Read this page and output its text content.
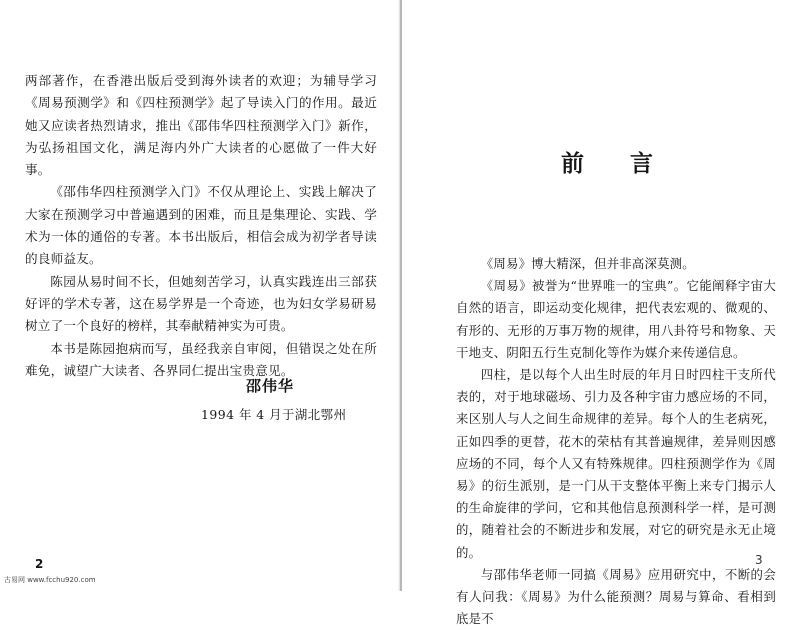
两部著作，在香港出版后受到海外读者的欢迎；为辅导学习《周易预测学》和《四柱预测学》起了导读入门的作用。最近她又应读者热烈请求，推出《邵伟华四柱预测学入门》新作，为弘扬祖国文化，满足海内外广大读者的心愿做了一件大好事。

《邵伟华四柱预测学入门》不仅从理论上、实践上解决了大家在预测学习中普遍遇到的困难，而且是集理论、实践、学术为一体的通俗的专著。本书出版后，相信会成为初学者导读的良师益友。

陈园从易时间不长，但她刻苦学习，认真实践连出三部获好评的学术专著，这在易学界是一个奇迹，也为妇女学易研易树立了一个良好的榜样，其奉献精神实为可贵。

本书是陈园抱病而写，虽经我亲自审阅，但错误之处在所难免，诚望广大读者、各界同仁提出宝贵意见。

邵伟华
1994 年 4 月于湖北鄂州
2
古易网 www.fcchu920.com
前言

《周易》博大精深，但并非高深莫测。

《周易》被誉为“世界唯一的宝典”。它能阐释宇宙大自然的语言，即运动变化规律，把代表宏观的、微观的、有形的、无形的万事万物的规律，用八卦符号和物象、天干地支、阴阳五行生克制化等作为媒介来传递信息。

四柱，是以每个人出生时辰的年月日时四柱干支所代表的，对于地球磁场、引力及各种宇宙力感应场的不同，来区别人与人之间生命规律的差异。每个人的生老病死，正如四季的更替，花木的荣枯有其普遍规律，差异则因感应场的不同，每个人又有特殊规律。四柱预测学作为《周易》的衍生派别，是一门从干支整体平衡上来专门揭示人的生命旋律的学问，它和其他信息预测科学一样，是可测的，随着社会的不断进步和发展，对它的研究是永无止境的。

与邵伟华老师一同搞《周易》应用研究中，不断的会有人问我：《周易》为什么能预测？周易与算命、看相到底是不

3
